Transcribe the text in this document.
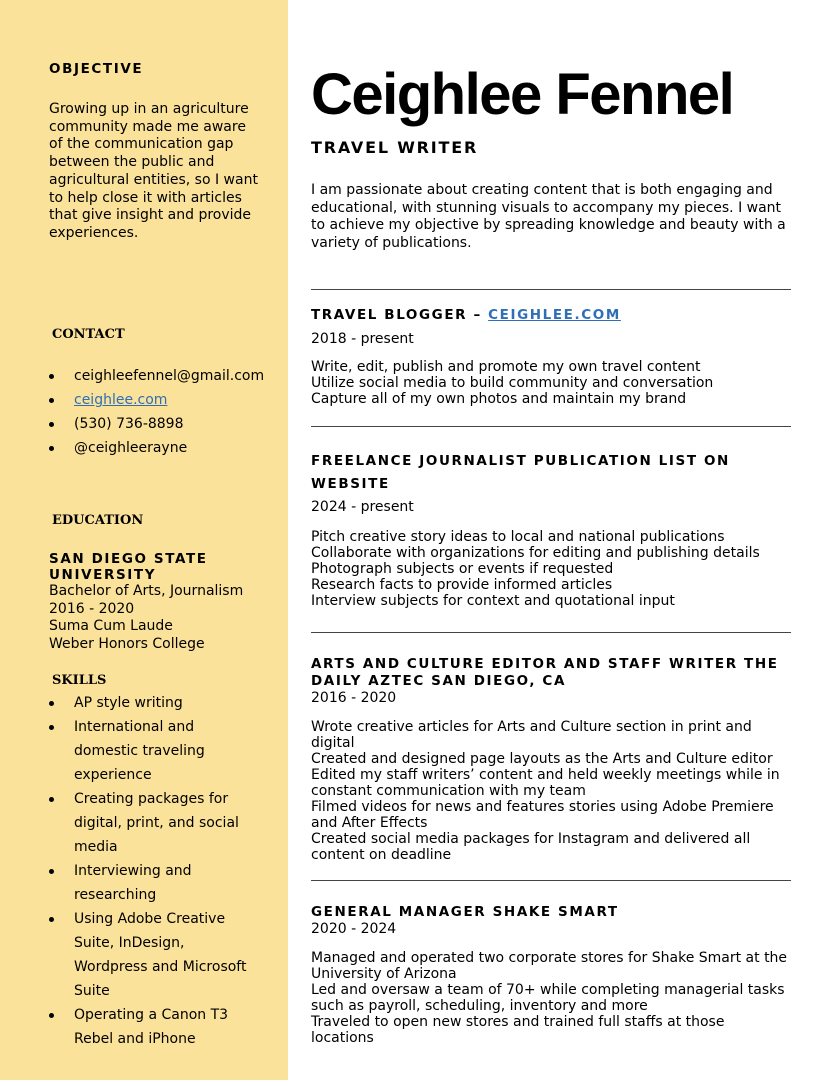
OBJECTIVE
Growing up in an agriculture community made me aware of the communication gap between the public and agricultural entities, so I want to help close it with articles that give insight and provide experiences.
CONTACT
ceighleefennel@gmail.com
ceighlee.com
(530) 736-8898
@ceighleerayne
EDUCATION
SAN DIEGO STATE UNIVERSITY
Bachelor of Arts, Journalism
2016 - 2020
Suma Cum Laude
Weber Honors College
SKILLS
AP style writing
International and domestic traveling experience
Creating packages for digital, print, and social media
Interviewing and researching
Using Adobe Creative Suite, InDesign, Wordpress and Microsoft Suite
Operating a Canon T3 Rebel and iPhone
Ceighlee Fennel
TRAVEL WRITER
I am passionate about creating content that is both engaging and educational, with stunning visuals to accompany my pieces. I want to achieve my objective by spreading knowledge and beauty with a variety of publications.
TRAVEL BLOGGER – CEIGHLEE.COM
2018 - present
Write, edit, publish and promote my own travel content
Utilize social media to build community and conversation
Capture all of my own photos and maintain my brand
FREELANCE JOURNALIST PUBLICATION LIST ON WEBSITE
2024 - present
Pitch creative story ideas to local and national publications
Collaborate with organizations for editing and publishing details
Photograph subjects or events if requested
Research facts to provide informed articles
Interview subjects for context and quotational input
ARTS AND CULTURE EDITOR AND STAFF WRITER THE DAILY AZTEC SAN DIEGO, CA
2016 - 2020
Wrote creative articles for Arts and Culture section in print and digital
Created and designed page layouts as the Arts and Culture editor
Edited my staff writers’ content and held weekly meetings while in constant communication with my team
Filmed videos for news and features stories using Adobe Premiere and After Effects
Created social media packages for Instagram and delivered all content on deadline
GENERAL MANAGER SHAKE SMART
2020 - 2024
Managed and operated two corporate stores for Shake Smart at the University of Arizona
Led and oversaw a team of 70+ while completing managerial tasks such as payroll, scheduling, inventory and more
Traveled to open new stores and trained full staffs at those locations
